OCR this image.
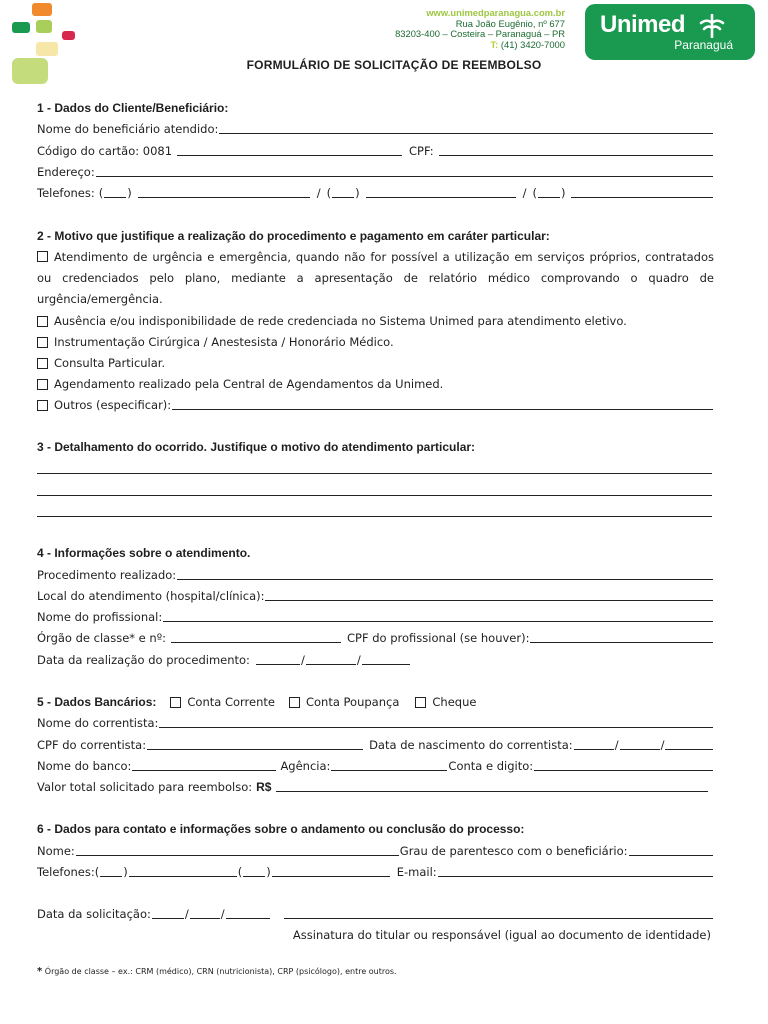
www.unimedparanagua.com.br
Rua João Eugênio, nº 677
83203-400 – Costeira – Paranaguá – PR
T: (41) 3420-7000
Unimed
Paranaguá
FORMULÁRIO DE SOLICITAÇÃO DE REEMBOLSO
1 - Dados do Cliente/Beneficiário:
Nome do beneficiário atendido:
Código do cartão: 0081	CPF:
Endereço:
Telefones: ( )	/ ( )	/ ( )
2 - Motivo que justifique a realização do procedimento e pagamento em caráter particular:
Atendimento de urgência e emergência, quando não for possível a utilização em serviços próprios, contratados ou credenciados pelo plano, mediante a apresentação de relatório médico comprovando o quadro de urgência/emergência.
Ausência e/ou indisponibilidade de rede credenciada no Sistema Unimed para atendimento eletivo.
Instrumentação Cirúrgica / Anestesista / Honorário Médico.
Consulta Particular.
Agendamento realizado pela Central de Agendamentos da Unimed.
Outros (especificar):
3 - Detalhamento do ocorrido. Justifique o motivo do atendimento particular:
4 - Informações sobre o atendimento.
Procedimento realizado:
Local do atendimento (hospital/clínica):
Nome do profissional:
Órgão de classe* e nº:	CPF do profissional (se houver):
Data da realização do procedimento:	/	/
5 - Dados Bancários:	Conta Corrente	Conta Poupança	Cheque
Nome do correntista:
CPF do correntista:	Data de nascimento do correntista:	/	/
Nome do banco:	Agência:	Conta e digito:
Valor total solicitado para reembolso: R$
6 - Dados para contato e informações sobre o andamento ou conclusão do processo:
Nome:	Grau de parentesco com o beneficiário:
Telefones: ( )	( )	E-mail:
Data da solicitação:	/	/
Assinatura do titular ou responsável (igual ao documento de identidade)
* Órgão de classe – ex.: CRM (médico), CRN (nutricionista), CRP (psicólogo), entre outros.
